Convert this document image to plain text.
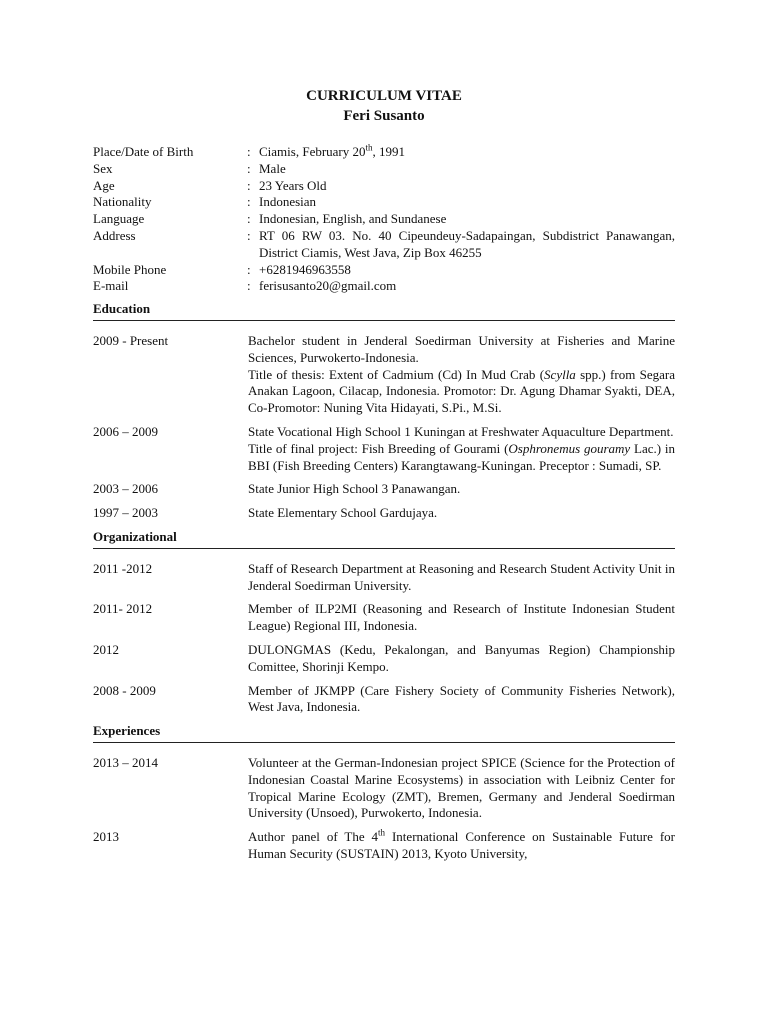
CURRICULUM VITAE
Feri Susanto
Place/Date of Birth	: Ciamis, February 20th, 1991
Sex	: Male
Age	: 23 Years Old
Nationality	: Indonesian
Language	: Indonesian, English, and Sundanese
Address	: RT 06 RW 03. No. 40 Cipeundeuy-Sadapaingan, Subdistrict Panawangan, District Ciamis, West Java, Zip Box 46255
Mobile Phone	: +6281946963558
E-mail	: ferisusanto20@gmail.com
Education
2009 - Present	Bachelor student in Jenderal Soedirman University at Fisheries and Marine Sciences, Purwokerto-Indonesia.
Title of thesis: Extent of Cadmium (Cd) In Mud Crab (Scylla spp.) from Segara Anakan Lagoon, Cilacap, Indonesia. Promotor: Dr. Agung Dhamar Syakti, DEA, Co-Promotor: Nuning Vita Hidayati, S.Pi., M.Si.
2006 – 2009	State Vocational High School 1 Kuningan at Freshwater Aquaculture Department.
Title of final project: Fish Breeding of Gourami (Osphronemus gouramy Lac.) in BBI (Fish Breeding Centers) Karangtawang-Kuningan. Preceptor : Sumadi, SP.
2003 – 2006	State Junior High School 3 Panawangan.
1997 – 2003	State Elementary School Gardujaya.
Organizational
2011 -2012	Staff of Research Department at Reasoning and Research Student Activity Unit in Jenderal Soedirman University.
2011- 2012	Member of ILP2MI (Reasoning and Research of Institute Indonesian Student League) Regional III, Indonesia.
2012	DULONGMAS (Kedu, Pekalongan, and Banyumas Region) Championship Comittee, Shorinji Kempo.
2008 - 2009	Member of JKMPP (Care Fishery Society of Community Fisheries Network), West Java, Indonesia.
Experiences
2013 – 2014	Volunteer at the German-Indonesian project SPICE (Science for the Protection of Indonesian Coastal Marine Ecosystems) in association with Leibniz Center for Tropical Marine Ecology (ZMT), Bremen, Germany and Jenderal Soedirman University (Unsoed), Purwokerto, Indonesia.
2013	Author panel of The 4th International Conference on Sustainable Future for Human Security (SUSTAIN) 2013, Kyoto University,
